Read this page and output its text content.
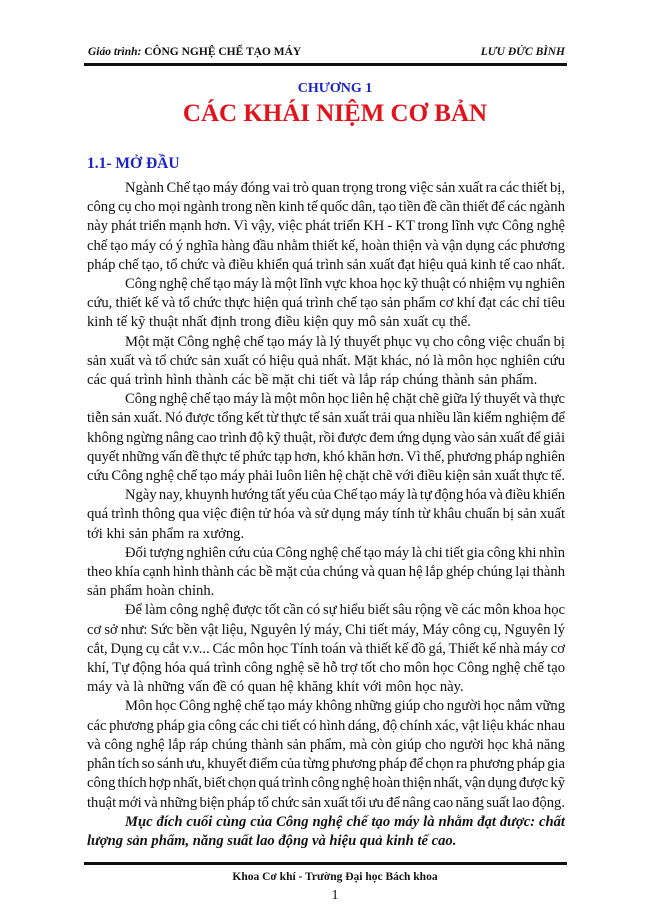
Giáo trình: CÔNG NGHỆ CHẾ TẠO MÁY	LƯU ĐỨC BÌNH
CHƯƠNG 1
CÁC KHÁI NIỆM CƠ BẢN
1.1- MỞ ĐẦU
Ngành Chế tạo máy đóng vai trò quan trọng trong việc sản xuất ra các thiết bị,
công cụ cho mọi ngành trong nền kinh tế quốc dân, tạo tiền đề cần thiết để các ngành
này phát triển mạnh hơn. Vì vậy, việc phát triển KH - KT trong lĩnh vực Công nghệ
chế tạo máy có ý nghĩa hàng đầu nhằm thiết kế, hoàn thiện và vận dụng các phương
pháp chế tạo, tổ chức và điều khiển quá trình sản xuất đạt hiệu quả kinh tế cao nhất.
Công nghệ chế tạo máy là một lĩnh vực khoa học kỹ thuật có nhiệm vụ nghiên
cứu, thiết kế và tổ chức thực hiện quá trình chế tạo sản phẩm cơ khí đạt các chỉ tiêu
kinh tế kỹ thuật nhất định trong điều kiện quy mô sản xuất cụ thể.
Một mặt Công nghệ chế tạo máy là lý thuyết phục vụ cho công việc chuẩn bị
sản xuất và tổ chức sản xuất có hiệu quả nhất. Mặt khác, nó là môn học nghiên cứu
các quá trình hình thành các bề mặt chi tiết và lắp ráp chúng thành sản phẩm.
Công nghệ chế tạo máy là một môn học liên hệ chặt chẽ giữa lý thuyết và thực
tiễn sản xuất. Nó được tổng kết từ thực tế sản xuất trải qua nhiều lần kiểm nghiệm để
không ngừng nâng cao trình độ kỹ thuật, rồi được đem ứng dụng vào sản xuất để giải
quyết những vấn đề thực tế phức tạp hơn, khó khăn hơn. Vì thế, phương pháp nghiên
cứu Công nghệ chế tạo máy phải luôn liên hệ chặt chẽ với điều kiện sản xuất thực tế.
Ngày nay, khuynh hướng tất yếu của Chế tạo máy là tự động hóa và điều khiển
quá trình thông qua việc điện tử hóa và sử dụng máy tính từ khâu chuẩn bị sản xuất
tới khi sản phẩm ra xưởng.
Đối tượng nghiên cứu của Công nghệ chế tạo máy là chi tiết gia công khi nhìn
theo khía cạnh hình thành các bề mặt của chúng và quan hệ lắp ghép chúng lại thành
sản phẩm hoàn chỉnh.
Để làm công nghệ được tốt cần có sự hiểu biết sâu rộng về các môn khoa học
cơ sở như: Sức bền vật liệu, Nguyên lý máy, Chi tiết máy, Máy công cụ, Nguyên lý
cắt, Dụng cụ cắt v.v... Các môn học Tính toán và thiết kế đồ gá, Thiết kế nhà máy cơ
khí, Tự động hóa quá trình công nghệ sẽ hỗ trợ tốt cho môn học Công nghệ chế tạo
máy và là những vấn đề có quan hệ khăng khít với môn học này.
Môn học Công nghệ chế tạo máy không những giúp cho người học nắm vững
các phương pháp gia công các chi tiết có hình dáng, độ chính xác, vật liệu khác nhau
và công nghệ lắp ráp chúng thành sản phẩm, mà còn giúp cho người học khả năng
phân tích so sánh ưu, khuyết điểm của từng phương pháp để chọn ra phương pháp gia
công thích hợp nhất, biết chọn quá trình công nghệ hoàn thiện nhất, vận dụng được kỹ
thuật mới và những biện pháp tổ chức sản xuất tối ưu để nâng cao năng suất lao động.
Mục đích cuối cùng của Công nghệ chế tạo máy là nhằm đạt được: chất
lượng sản phẩm, năng suất lao động và hiệu quả kinh tế cao.
Khoa Cơ khí - Trường Đại học Bách khoa
1
